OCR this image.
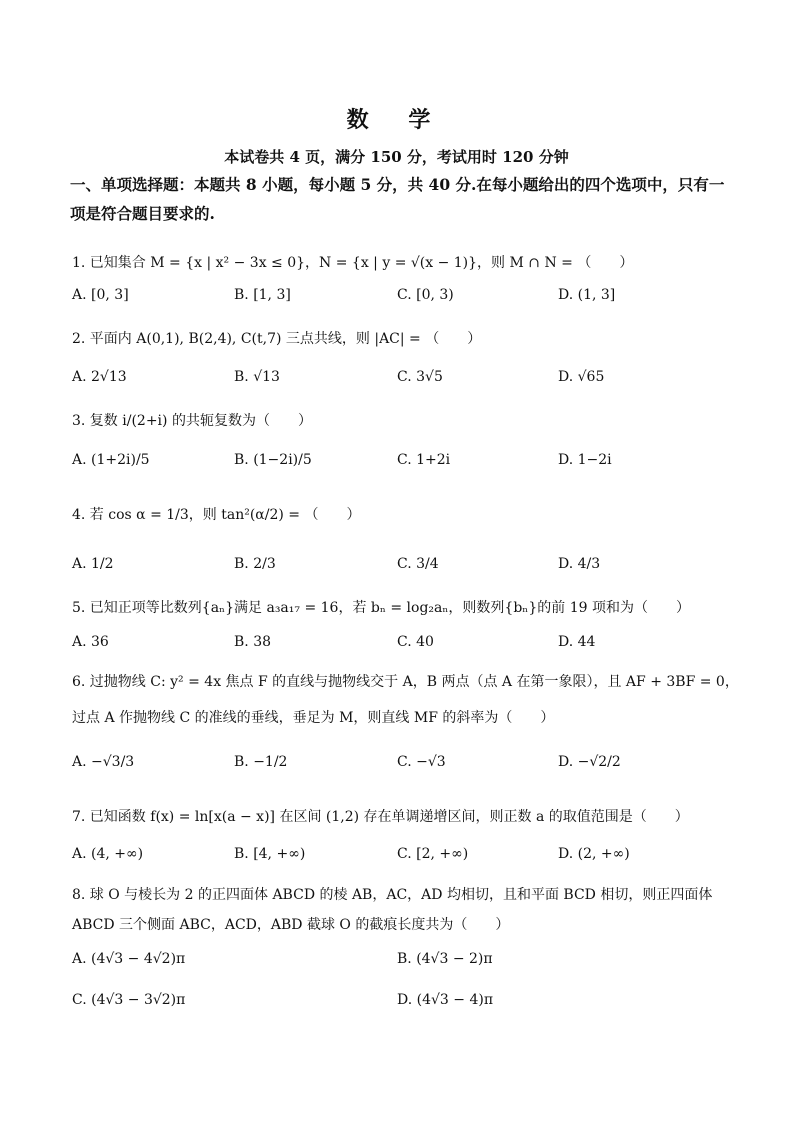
数 学
本试卷共 4 页，满分 150 分，考试用时 120 分钟
一、单项选择题：本题共 8 小题，每小题 5 分，共 40 分.在每小题给出的四个选项中，只有一项是符合题目要求的.
1. 已知集合 M = {x | x² − 3x ≤ 0}，N = {x | y = √(x − 1)}，则 M ∩ N = （　　）
A. [0, 3]	B. [1, 3]	C. [0, 3)	D. (1, 3]
2. 平面内 A(0,1), B(2,4), C(t,7) 三点共线，则 |AC| = （　　）
A. 2√13	B. √13	C. 3√5	D. √65
3. 复数 i/(2+i) 的共轭复数为（　　）
A. (1+2i)/5	B. (1−2i)/5	C. 1+2i	D. 1−2i
4. 若 cos α = 1/3，则 tan²(α/2) = （　　）
A. 1/2	B. 2/3	C. 3/4	D. 4/3
5. 已知正项等比数列{aₙ}满足 a₃a₁₇ = 16，若 bₙ = log₂aₙ，则数列{bₙ}的前 19 项和为（　　）
A. 36	B. 38	C. 40	D. 44
6. 过抛物线 C: y² = 4x 焦点 F 的直线与抛物线交于 A，B 两点（点 A 在第一象限），且 AF + 3BF = 0，
过点 A 作抛物线 C 的准线的垂线，垂足为 M，则直线 MF 的斜率为（　　）
A. −√3/3	B. −1/2	C. −√3	D. −√2/2
7. 已知函数 f(x) = ln[x(a − x)] 在区间 (1,2) 存在单调递增区间，则正数 a 的取值范围是（　　）
A. (4, +∞)	B. [4, +∞)	C. [2, +∞)	D. (2, +∞)
8. 球 O 与棱长为 2 的正四面体 ABCD 的棱 AB，AC，AD 均相切，且和平面 BCD 相切，则正四面体
ABCD 三个侧面 ABC，ACD，ABD 截球 O 的截痕长度共为（　　）
A. (4√3 − 4√2)π	B. (4√3 − 2)π
C. (4√3 − 3√2)π	D. (4√3 − 4)π
